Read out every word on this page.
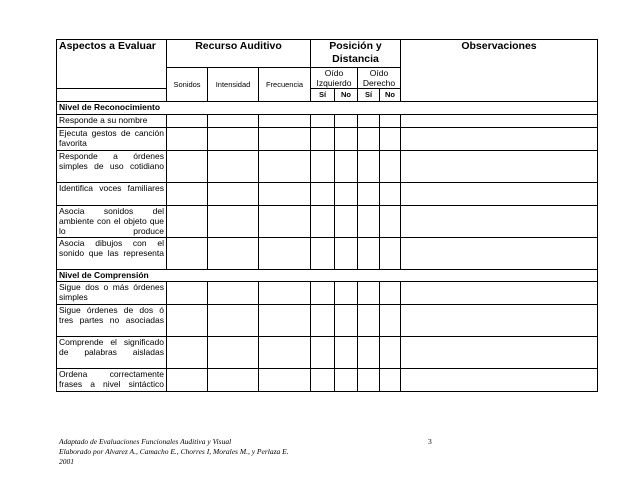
Aspectos a Evaluar	Recurso Auditivo			Posición y Distancia				Observaciones
	Sonidos	Intensidad	Frecuencia	Oído Izquierdo		Oído Derecho		
				Sí	No	Sí	No	
Nivel de Reconocimiento								
Responde a su nombre								
Ejecuta gestos de canción favorita								
Responde a órdenes simples de uso cotidiano								
Identifica voces familiares								
Asocia sonidos del ambiente con el objeto que lo produce								
Asocia dibujos con el sonido que las representa								
Nivel de Comprensión								
Sigue dos o más órdenes simples								
Sigue órdenes de dos ó tres partes no asociadas								
Comprende el significado de palabras aisladas								
Ordena correctamente frases a nivel sintáctico								
Adaptado de Evaluaciones Funcionales Auditiva y Visual
Elaborado por Alvarez A., Camacho E., Chorres I, Morales M., y Perlaza E.
2001
3
